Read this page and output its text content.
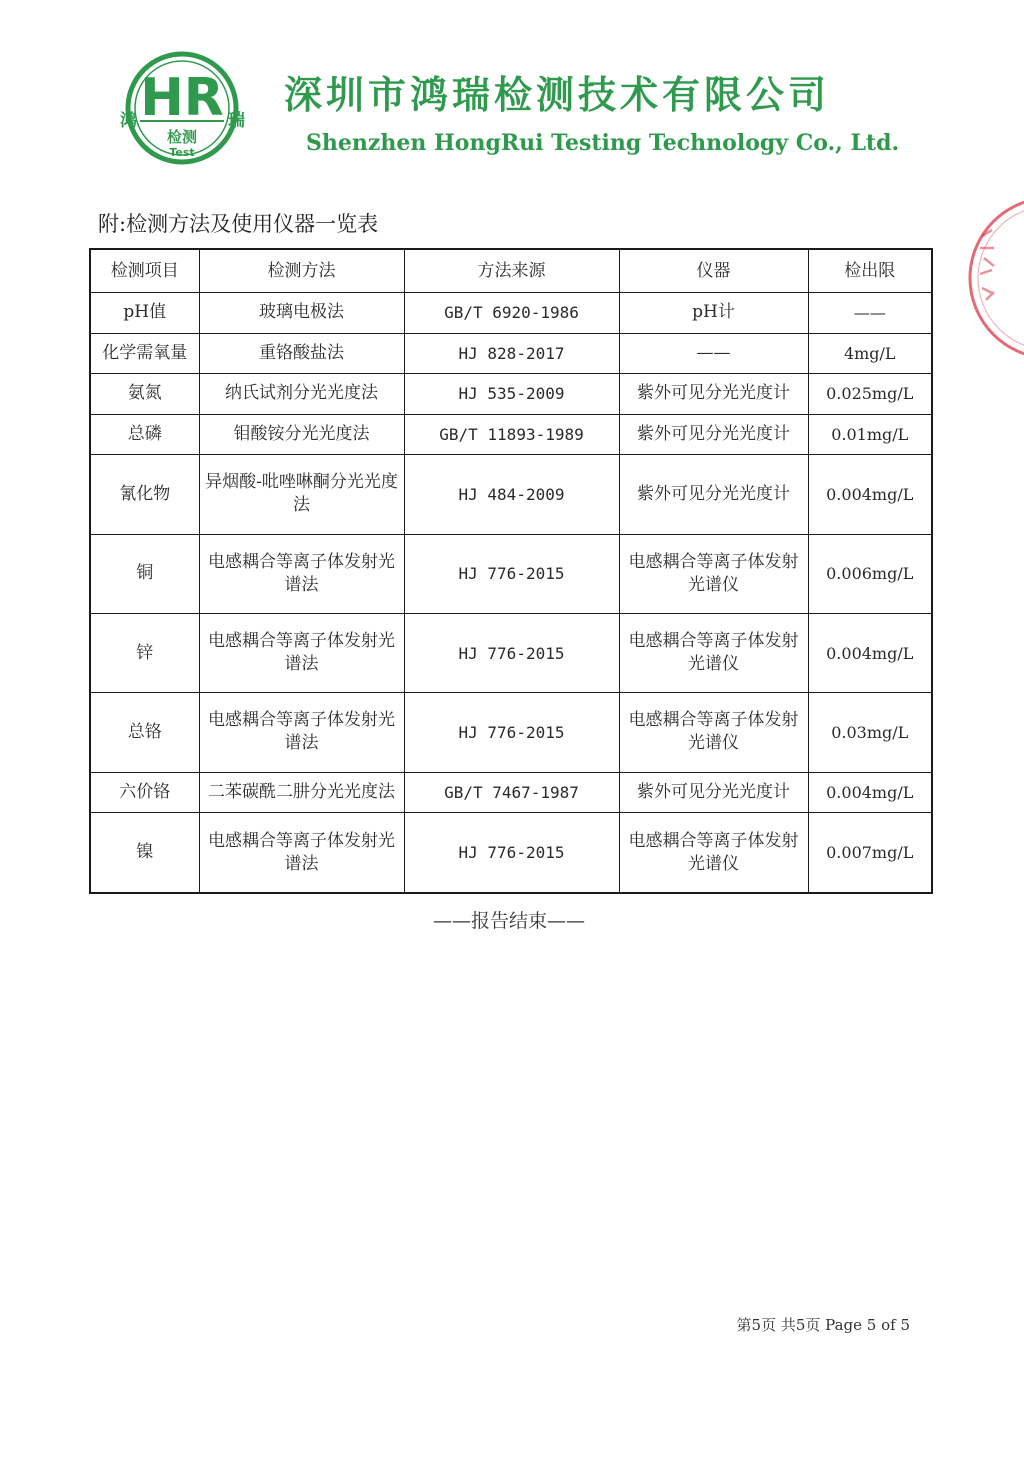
HR
鸿	瑞
检测
Test
深圳市鸿瑞检测技术有限公司
Shenzhen HongRui Testing Technology Co., Ltd.
附:检测方法及使用仪器一览表
检测项目	检测方法	方法来源	仪器	检出限
pH值	玻璃电极法	GB/T 6920-1986	pH计	——
化学需氧量	重铬酸盐法	HJ 828-2017	——	4mg/L
氨氮	纳氏试剂分光光度法	HJ 535-2009	紫外可见分光光度计	0.025mg/L
总磷	钼酸铵分光光度法	GB/T 11893-1989	紫外可见分光光度计	0.01mg/L
氰化物	异烟酸-吡唑啉酮分光光度法	HJ 484-2009	紫外可见分光光度计	0.004mg/L
铜	电感耦合等离子体发射光谱法	HJ 776-2015	电感耦合等离子体发射光谱仪	0.006mg/L
锌	电感耦合等离子体发射光谱法	HJ 776-2015	电感耦合等离子体发射光谱仪	0.004mg/L
总铬	电感耦合等离子体发射光谱法	HJ 776-2015	电感耦合等离子体发射光谱仪	0.03mg/L
六价铬	二苯碳酰二肼分光光度法	GB/T 7467-1987	紫外可见分光光度计	0.004mg/L
镍	电感耦合等离子体发射光谱法	HJ 776-2015	电感耦合等离子体发射光谱仪	0.007mg/L
——报告结束——
第5页 共5页 Page 5 of 5
